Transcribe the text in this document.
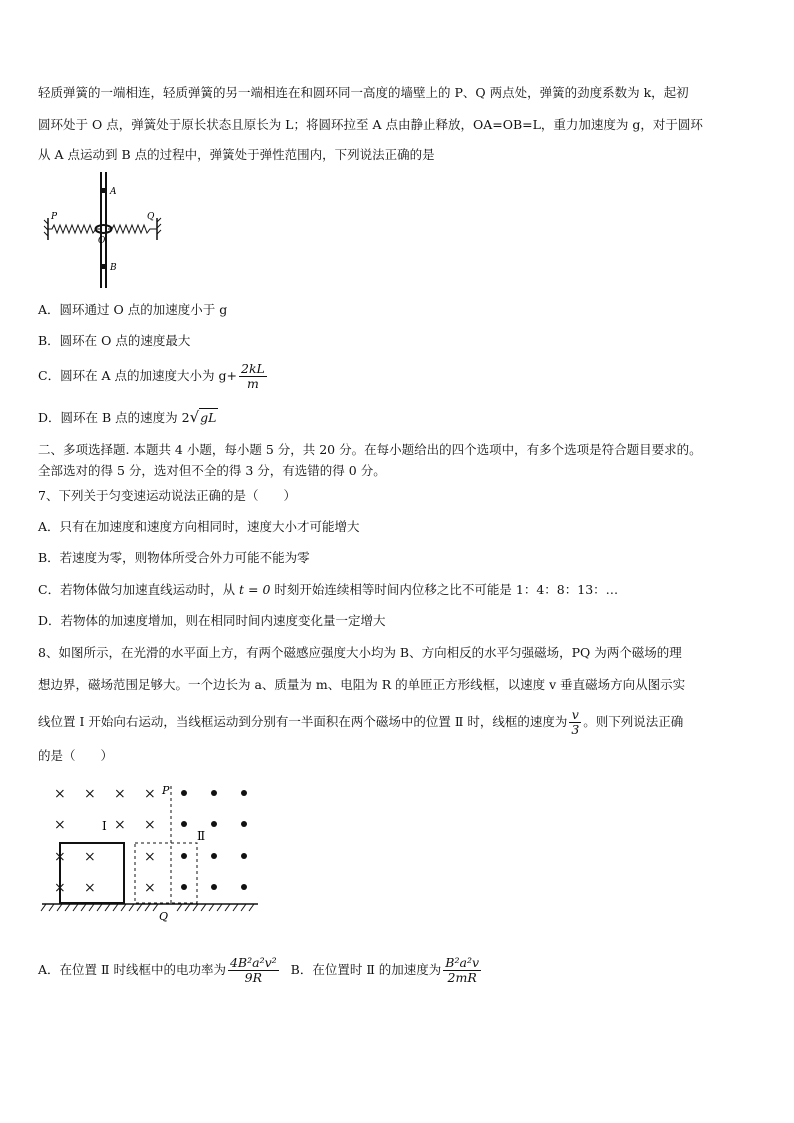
轻质弹簧的一端相连，轻质弹簧的另一端相连在和圆环同一高度的墙壁上的 P、Q 两点处，弹簧的劲度系数为 k，起初
圆环处于 O 点，弹簧处于原长状态且原长为 L；将圆环拉至 A 点由静止释放，OA=OB=L，重力加速度为 g，对于圆环
从 A 点运动到 B 点的过程中，弹簧处于弹性范围内，下列说法正确的是
A
O
B
P	Q
A．圆环通过 O 点的加速度小于 g
B．圆环在 O 点的速度最大
C．圆环在 A 点的加速度大小为 $g+ \frac{2kL}{m}$
D．圆环在 B 点的速度为 2√gL
二、多项选择题. 本题共 4 小题，每小题 5 分，共 20 分。在每小题给出的四个选项中，有多个选项是符合题目要求的。
全部选对的得 5 分，选对但不全的得 3 分，有选错的得 0 分。
7、下列关于匀变速运动说法正确的是（　　）
A．只有在加速度和速度方向相同时，速度大小才可能增大
B．若速度为零，则物体所受合外力可能不能为零
C．若物体做匀加速直线运动时，从 t = 0 时刻开始连续相等时间内位移之比不可能是 1：4：8：13：…
D．若物体的加速度增加，则在相同时间内速度变化量一定增大
8、如图所示，在光滑的水平面上方，有两个磁感应强度大小均为 B、方向相反的水平匀强磁场，PQ 为两个磁场的理
想边界，磁场范围足够大。一个边长为 a、质量为 m、电阻为 R 的单匝正方形线框，以速度 v 垂直磁场方向从图示实
线位置 Ⅰ 开始向右运动，当线框运动到分别有一半面积在两个磁场中的位置 Ⅱ 时，线框的速度为 $\frac{v}{3}$ 。则下列说法正确
的是（　　）
× × × ×
×	× ×
× ×	×
× ×	×
P
Q
Ⅰ
Ⅱ
A．在位置 Ⅱ 时线框中的电功率为 $\frac{\text{4B²a²v²}}{9R}$ B．在位置时 Ⅱ 的加速度为 $\frac{\text{B²a²v}}{2mR}$
